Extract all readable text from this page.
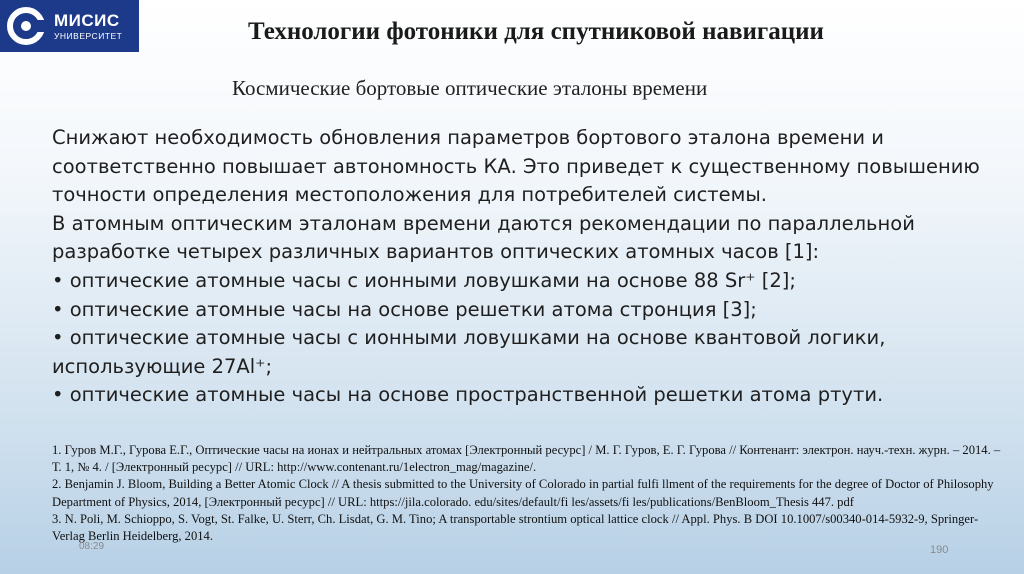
МИСИС
УНИВЕРСИТЕТ	Технологии фотоники для спутниковой навигации
Космические бортовые оптические эталоны времени

Снижают необходимость обновления параметров бортового эталона времени и соответственно повышает автономность КА. Это приведет к существенному повышению точности определения местоположения для потребителей системы.

В атомным оптическим эталонам времени даются рекомендации по параллельной разработке четырех различных вариантов оптических атомных часов [1]:

• оптические атомные часы с ионными ловушками на основе 88 Sr⁺ [2];

• оптические атомные часы на основе решетки атома стронция [3];

• оптические атомные часы с ионными ловушками на основе квантовой логики, использующие 27Al⁺;

• оптические атомные часы на основе пространственной решетки атома ртути.

1. Гуров М.Г., Гурова Е.Г., Оптические часы на ионах и нейтральных атомах [Электронный ресурс] / М. Г. Гуров, Е. Г. Гурова // Контенант: электрон. науч.-техн. журн. – 2014. – Т. 1, № 4. / [Электронный ресурс] // URL: http://www.contenant.ru/1electron_mag/magazine/.

2. Benjamin J. Bloom, Building a Better Atomic Clock // A thesis submitted to the University of Colorado in partial fulfi llment of the requirements for the degree of Doctor of Philosophy Department of Physics, 2014, [Электронный ресурс] // URL: https://jila.colorado. edu/sites/default/fi les/assets/fi les/publications/BenBloom_Thesis 447. pdf

3. N. Poli, M. Schioppo, S. Vogt, St. Falke, U. Sterr, Ch. Lisdat, G. M. Tino; A transportable strontium optical lattice clock // Appl. Phys. B DOI 10.1007/s00340-014-5932-9, Springer-Verlag Berlin Heidelberg, 2014.

08:29	190
